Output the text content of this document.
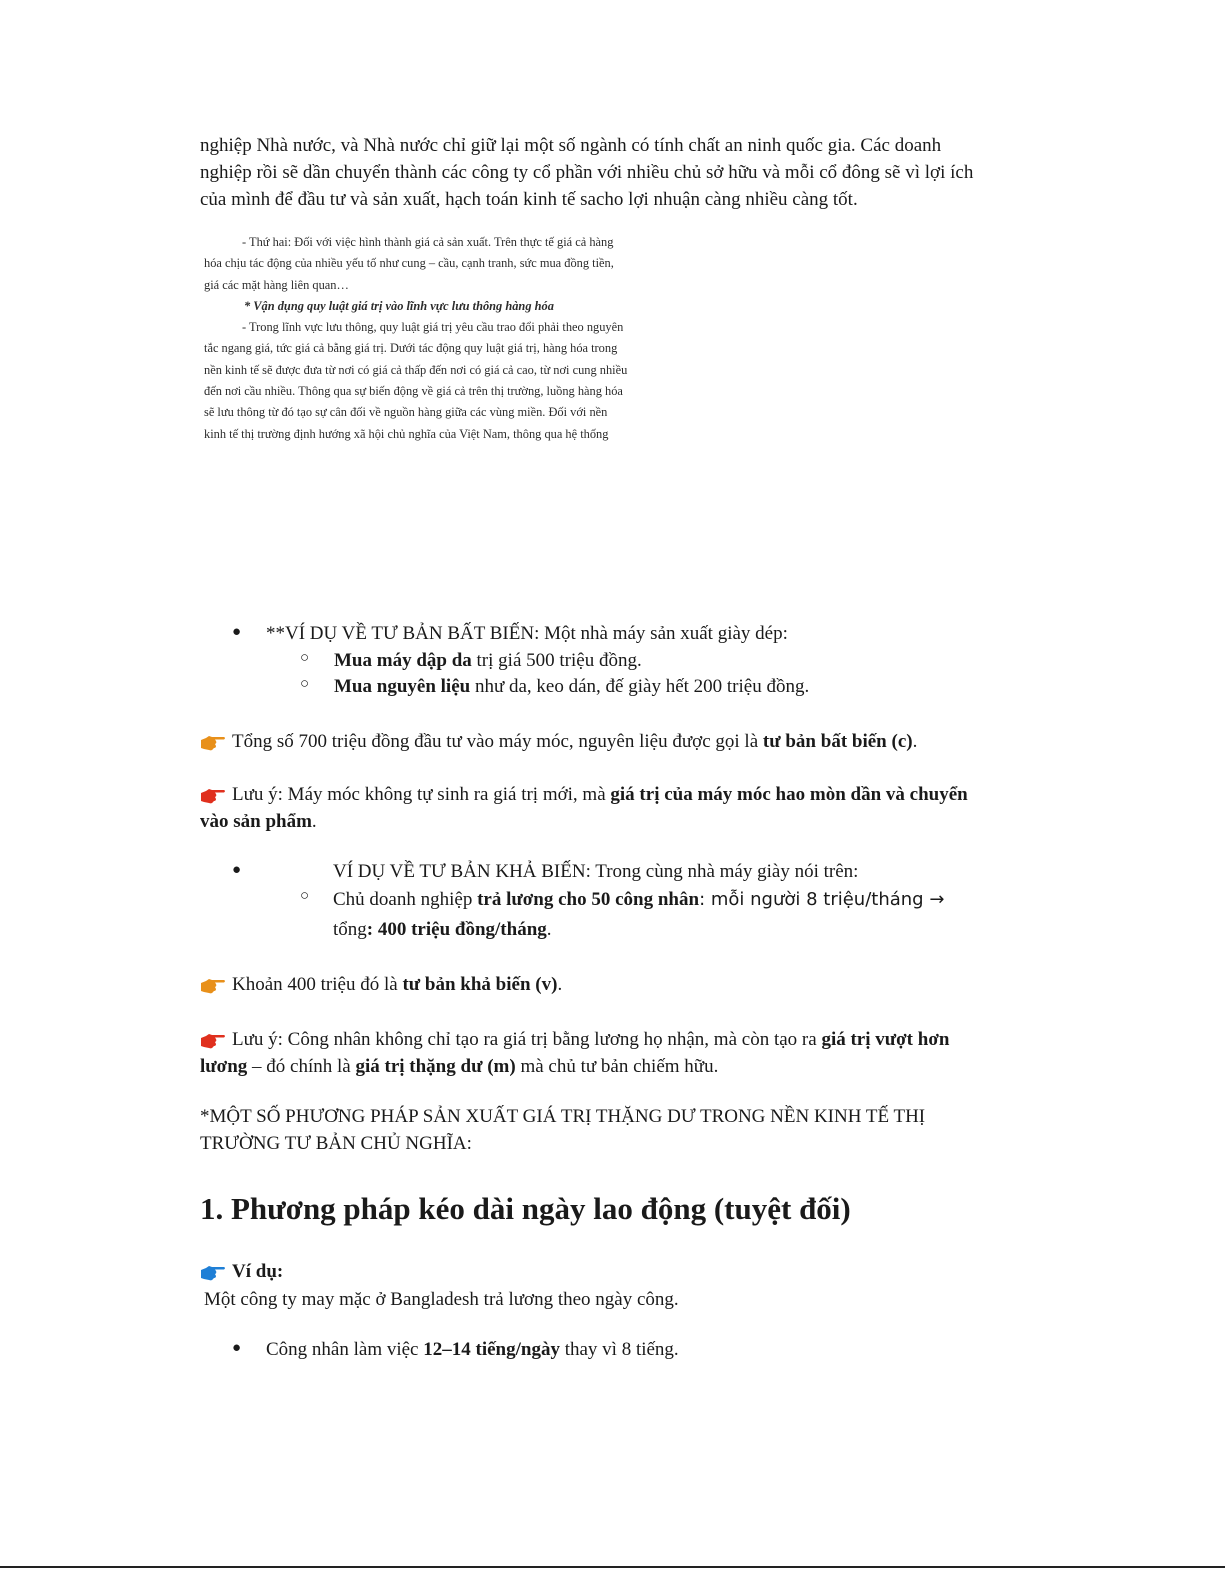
nghiệp Nhà nước, và Nhà nước chỉ giữ lại một số ngành có tính chất an ninh quốc gia. Các doanh
nghiệp rồi sẽ dần chuyển thành các công ty cổ phần với nhiều chủ sở hữu và mỗi cổ đông sẽ vì lợi ích
của mình để đầu tư và sản xuất, hạch toán kinh tế sacho lợi nhuận càng nhiều càng tốt.
- Thứ hai: Đối với việc hình thành giá cả sản xuất. Trên thực tế giá cả hàng
hóa chịu tác động của nhiều yếu tố như cung – cầu, cạnh tranh, sức mua đồng tiền,
giá các mặt hàng liên quan…
* Vận dụng quy luật giá trị vào lĩnh vực lưu thông hàng hóa
- Trong lĩnh vực lưu thông, quy luật giá trị yêu cầu trao đổi phải theo nguyên
tắc ngang giá, tức giá cả bằng giá trị. Dưới tác động quy luật giá trị, hàng hóa trong
nền kinh tế sẽ được đưa từ nơi có giá cả thấp đến nơi có giá cả cao, từ nơi cung nhiều
đến nơi cầu nhiều. Thông qua sự biến động về giá cả trên thị trường, luồng hàng hóa
sẽ lưu thông từ đó tạo sự cân đối về nguồn hàng giữa các vùng miền. Đối với nền
kinh tế thị trường định hướng xã hội chủ nghĩa của Việt Nam, thông qua hệ thống
● **VÍ DỤ VỀ TƯ BẢN BẤT BIẾN: Một nhà máy sản xuất giày dép:
○ Mua máy dập da trị giá 500 triệu đồng.
○ Mua nguyên liệu như da, keo dán, đế giày hết 200 triệu đồng.
Tổng số 700 triệu đồng đầu tư vào máy móc, nguyên liệu được gọi là tư bản bất biến (c).
Lưu ý: Máy móc không tự sinh ra giá trị mới, mà giá trị của máy móc hao mòn dần và chuyển
vào sản phẩm.
●	VÍ DỤ VỀ TƯ BẢN KHẢ BIẾN: Trong cùng nhà máy giày nói trên:
○ Chủ doanh nghiệp trả lương cho 50 công nhân: mỗi người 8 triệu/tháng →
tổng: 400 triệu đồng/tháng.
Khoản 400 triệu đó là tư bản khả biến (v).
Lưu ý: Công nhân không chỉ tạo ra giá trị bằng lương họ nhận, mà còn tạo ra giá trị vượt hơn
lương – đó chính là giá trị thặng dư (m) mà chủ tư bản chiếm hữu.
*MỘT SỐ PHƯƠNG PHÁP SẢN XUẤT GIÁ TRỊ THẶNG DƯ TRONG NỀN KINH TẾ THỊ
TRƯỜNG TƯ BẢN CHỦ NGHĨA:
1. Phương pháp kéo dài ngày lao động (tuyệt đối)
Ví dụ:
Một công ty may mặc ở Bangladesh trả lương theo ngày công.
● Công nhân làm việc 12–14 tiếng/ngày thay vì 8 tiếng.
